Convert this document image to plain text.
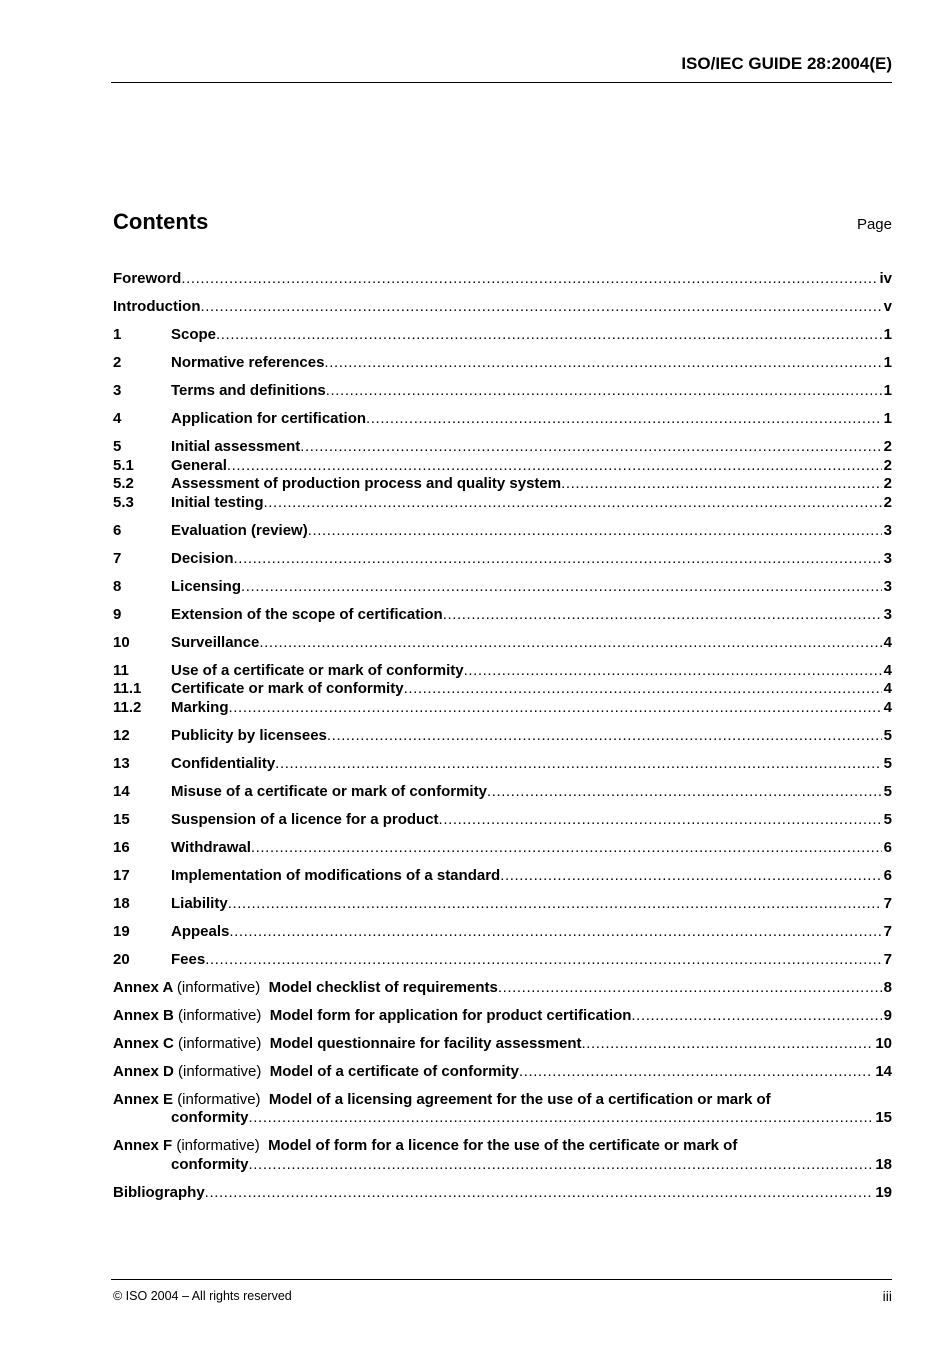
ISO/IEC GUIDE 28:2004(E)
Contents	Page
Foreword .....	iv
Introduction .....	v
1	Scope .....	1
2	Normative references .....	1
3	Terms and definitions .....	1
4	Application for certification .....	1
5	Initial assessment .....	2
5.1 General .....	2
5.2 Assessment of production process and quality system .....	2
5.3 Initial testing .....	2
6	Evaluation (review) .....	3
7	Decision .....	3
8	Licensing .....	3
9	Extension of the scope of certification .....	3
10	Surveillance .....	4
11	Use of a certificate or mark of conformity .....	4
11.1 Certificate or mark of conformity .....	4
11.2 Marking .....	4
12	Publicity by licensees .....	5
13	Confidentiality .....	5
14	Misuse of a certificate or mark of conformity .....	5
15	Suspension of a licence for a product .....	5
16	Withdrawal .....	6
17	Implementation of modifications of a standard .....	6
18	Liability .....	7
19	Appeals .....	7
20	Fees .....	7
Annex A (informative) Model checklist of requirements .....	8
Annex B (informative) Model form for application for product certification .....	9
Annex C (informative) Model questionnaire for facility assessment .....	10
Annex D (informative) Model of a certificate of conformity .....	14
Annex E (informative) Model of a licensing agreement for the use of a certification or mark of
conformity .....	15
Annex F (informative) Model of form for a licence for the use of the certificate or mark of
conformity .....	18
Bibliography .....	19
© ISO 2004 – All rights reserved	iii
